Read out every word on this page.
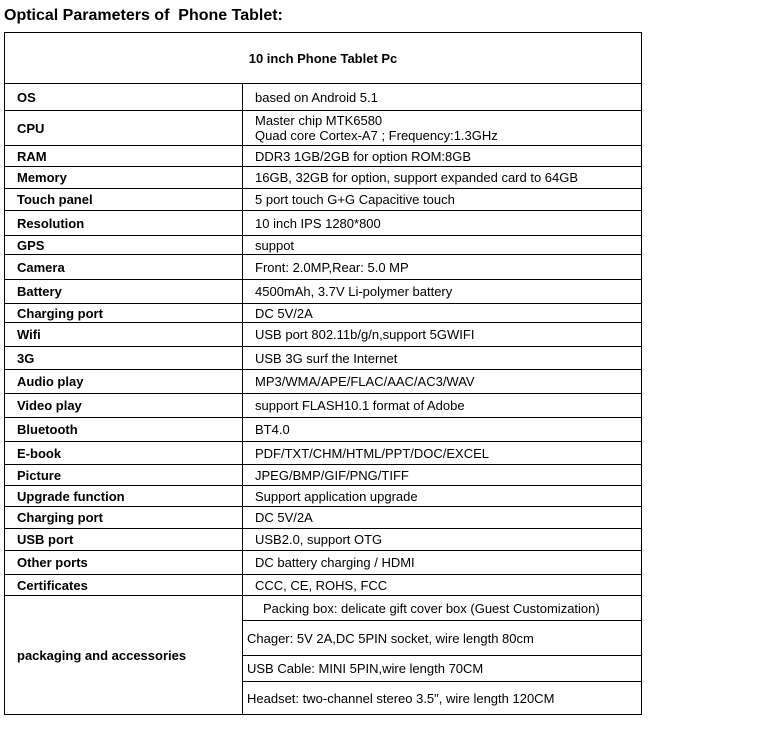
Optical Parameters of  Phone Tablet:
10 inch Phone Tablet Pc	
OS	based on Android 5.1
CPU	Master chip MTK6580
Quad core Cortex-A7 ; Frequency:1.3GHz

RAM	DDR3 1GB/2GB for option ROM:8GB
Memory	16GB, 32GB for option, support expanded card to 64GB
Touch panel	5 port touch G+G Capacitive touch
Resolution	10 inch IPS 1280*800
GPS	suppot
Camera	Front: 2.0MP,Rear: 5.0 MP
Battery	4500mAh, 3.7V Li-polymer battery
Charging port	DC 5V/2A
Wifi	USB port 802.11b/g/n,support 5GWIFI
3G	USB 3G surf the Internet
Audio play	MP3/WMA/APE/FLAC/AAC/AC3/WAV
Video play	support FLASH10.1 format of Adobe
Bluetooth	BT4.0
E-book	PDF/TXT/CHM/HTML/PPT/DOC/EXCEL
Picture	JPEG/BMP/GIF/PNG/TIFF
Upgrade function	Support application upgrade
Charging port	DC 5V/2A
USB port	USB2.0, support OTG
Other ports	DC battery charging / HDMI
Certificates	CCC, CE, ROHS, FCC
packaging and accessories	Packing box: delicate gift cover box (Guest Customization)
	Chager: 5V 2A,DC 5PIN socket, wire length 80cm
	USB Cable: MINI 5PIN,wire length 70CM
	Headset: two-channel stereo 3.5", wire length 120CM
